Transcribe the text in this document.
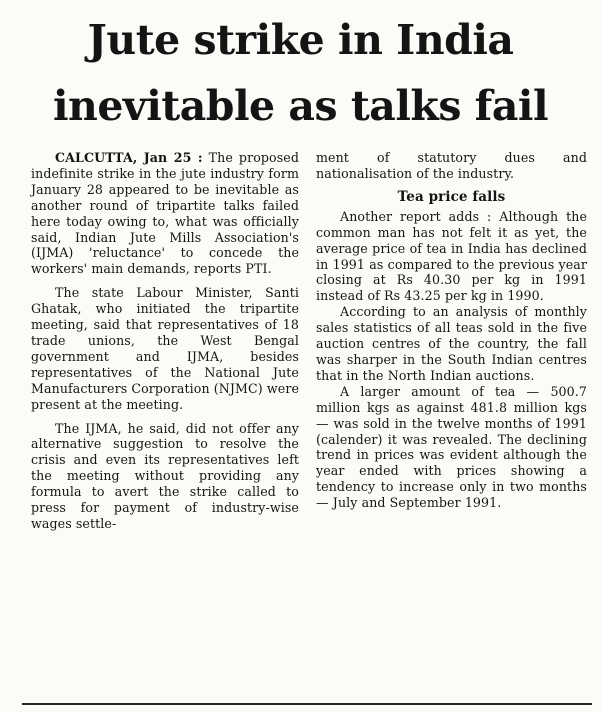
Jute strike in India
inevitable as talks fail

CALCUTTA, Jan 25 : The proposed indefinite strike in the jute industry form January 28 appeared to be inevitable as another round of tripartite talks failed here today owing to, what was officially said, Indian Jute Mills Association's (IJMA) 'reluctance' to concede the workers' main demands, reports PTI.

The state Labour Minister, Santi Ghatak, who initiated the tripartite meeting, said that representatives of 18 trade unions, the West Bengal government and IJMA, besides representatives of the National Jute Manufacturers Corporation (NJMC) were present at the meeting.

The IJMA, he said, did not offer any alternative suggestion to resolve the crisis and even its representatives left the meeting without providing any formula to avert the strike called to press for payment of industry-wise wages settle-

ment of statutory dues and nationalisation of the industry.

Tea price falls

Another report adds : Although the common man has not felt it as yet, the average price of tea in India has declined in 1991 as compared to the previous year closing at Rs 40.30 per kg in 1991 instead of Rs 43.25 per kg in 1990.

According to an analysis of monthly sales statistics of all teas sold in the five auction centres of the country, the fall was sharper in the South Indian centres that in the North Indian auctions.

A larger amount of tea — 500.7 million kgs as against 481.8 million kgs — was sold in the twelve months of 1991 (calender) it was revealed. The declining trend in prices was evident although the year ended with prices showing a tendency to increase only in two months — July and September 1991.
